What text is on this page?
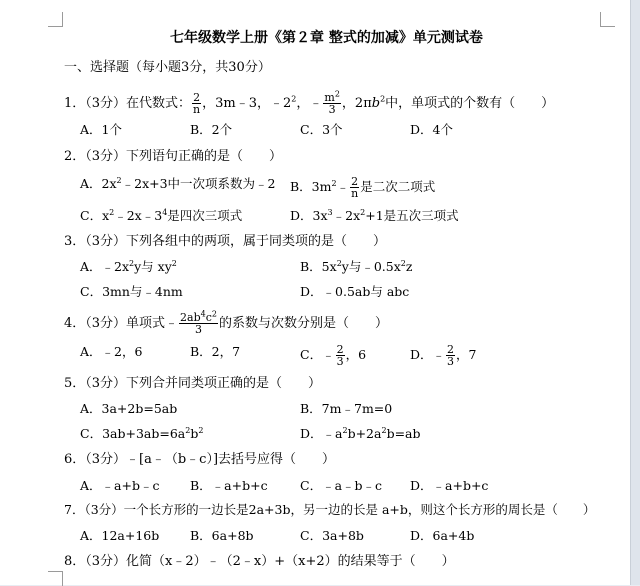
七年级数学上册《第２章 整式的加减》单元测试卷
一、选择题（每小题3分，共30分）
1．（3分）在代数式： $\frac{2}{n}$ ，3m﹣3，$﹣2^2$，﹣ $\frac{m^2}{3}$ ，$2\pi b^2$中，单项式的个数有（　　）
A．1个	B．2个	C．3个	D．4个
2．（3分）下列语句正确的是（　　）
A．$2x^2﹣2x+3$中一次项系数为﹣2 B．$3m^2﹣ \frac{2}{n}$ 是二次二项式
C．$x^2﹣2x﹣3^4$是四次三项式	D．$3x^3﹣2x^2+1$是五次三项式
3．（3分）下列各组中的两项，属于同类项的是（　　）
A．$﹣2x^2y$与 $xy^2$	B．$5x^2y$与$﹣0.5x^2z$
C．3mn与﹣4nm	D．﹣0.5ab与 abc
4．（3分）单项式﹣ $\frac{2ab^4c^2}{3}$ 的系数与次数分别是（　　）
A．﹣2，6	B．2，7	C．﹣ $\frac{2}{3}$ ，6	D．﹣ $\frac{2}{3}$ ，7
5．（3分）下列合并同类项正确的是（　　）
A．3a+2b=5ab	B．7m﹣7m=0
C．$3ab+3ab=6a^2b^2$	D．$﹣a^2b+2a^2b=ab$
6．（3分）﹣[a﹣（b﹣c）]去括号应得（　　）
A．﹣a+b﹣c B．﹣a+b+c	C．﹣a﹣b﹣c D．﹣a+b+c
7．（3分）一个长方形的一边长是2a+3b，另一边的长是 a+b，则这个长方形的周长是（　　）
A．12a+16b B．6a+8b	C．3a+8b	D．6a+4b
8．（3分）化简（x﹣2）﹣（2﹣x）+（x+2）的结果等于（　　）
